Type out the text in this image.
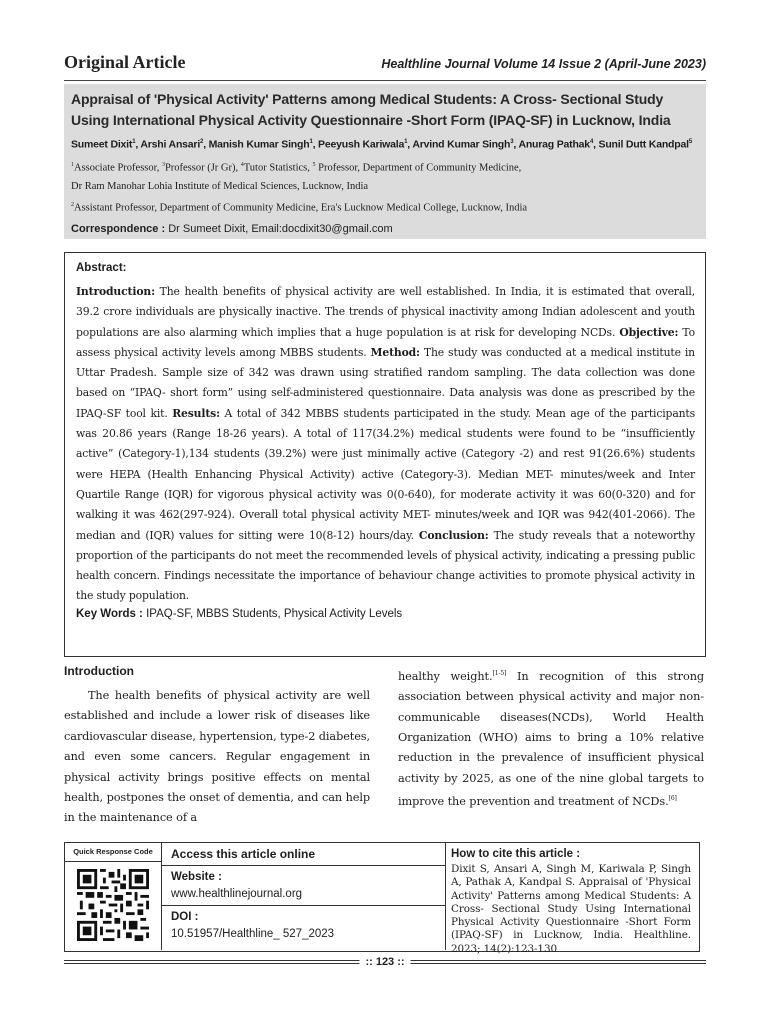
Original Article	Healthline Journal Volume 14 Issue 2 (April-June 2023)
Appraisal of 'Physical Activity' Patterns among Medical Students: A Cross- Sectional Study Using International Physical Activity Questionnaire -Short Form (IPAQ-SF) in Lucknow, India
Sumeet Dixit$^1$, Arshi Ansari$^2$, Manish Kumar Singh$^1$, Peeyush Kariwala$^1$, Arvind Kumar Singh$^3$, Anurag Pathak$^4$, Sunil Dutt Kandpal$^5$
$^1$Associate Professor, $^3$Professor (Jr Gr), $^4$Tutor Statistics, $^5$ Professor, Department of Community Medicine,
Dr Ram Manohar Lohia Institute of Medical Sciences, Lucknow, India
$^2$Assistant Professor, Department of Community Medicine, Era's Lucknow Medical College, Lucknow, India
Correspondence : Dr Sumeet Dixit, Email:docdixit30@gmail.com
Abstract:

Introduction: The health benefits of physical activity are well established. In India, it is estimated that overall, 39.2 crore individuals are physically inactive. The trends of physical inactivity among Indian adolescent and youth populations are also alarming which implies that a huge population is at risk for developing NCDs. Objective: To assess physical activity levels among MBBS students. Method: The study was conducted at a medical institute in Uttar Pradesh. Sample size of 342 was drawn using stratified random sampling. The data collection was done based on “IPAQ- short form” using self-administered questionnaire. Data analysis was done as prescribed by the IPAQ-SF tool kit. Results: A total of 342 MBBS students participated in the study. Mean age of the participants was 20.86 years (Range 18-26 years). A total of 117(34.2%) medical students were found to be “insufficiently active” (Category-1),134 students (39.2%) were just minimally active (Category -2) and rest 91(26.6%) students were HEPA (Health Enhancing Physical Activity) active (Category-3). Median MET- minutes/week and Inter Quartile Range (IQR) for vigorous physical activity was 0(0-640), for moderate activity it was 60(0-320) and for walking it was 462(297-924). Overall total physical activity MET- minutes/week and IQR was 942(401-2066). The median and (IQR) values for sitting were 10(8-12) hours/day. Conclusion: The study reveals that a noteworthy proportion of the participants do not meet the recommended levels of physical activity, indicating a pressing public health concern. Findings necessitate the importance of behaviour change activities to promote physical activity in the study population.

Key Words : IPAQ-SF, MBBS Students, Physical Activity Levels
Introduction

The health benefits of physical activity are well established and include a lower risk of diseases like cardiovascular disease, hypertension, type-2 diabetes, and even some cancers. Regular engagement in physical activity brings positive effects on mental health, postpones the onset of dementia, and can help in the maintenance of a

healthy weight.[1-5] In recognition of this strong association between physical activity and major non-communicable diseases(NCDs), World Health Organization (WHO) aims to bring a 10% relative reduction in the prevalence of insufficient physical activity by 2025, as one of the nine global targets to improve the prevention and treatment of NCDs.[6]

Quick Response Code	Access this article online
Website :
www.healthlinejournal.org
DOI :
10.51957/Healthline_ 527_2023
How to cite this article :
Dixit S, Ansari A, Singh M, Kariwala P, Singh A, Pathak A, Kandpal S. Appraisal of 'Physical Activity' Patterns among Medical Students: A Cross- Sectional Study Using International Physical Activity Questionnaire -Short Form (IPAQ-SF) in Lucknow, India. Healthline. 2023; 14(2):123-130
:: 123 ::
